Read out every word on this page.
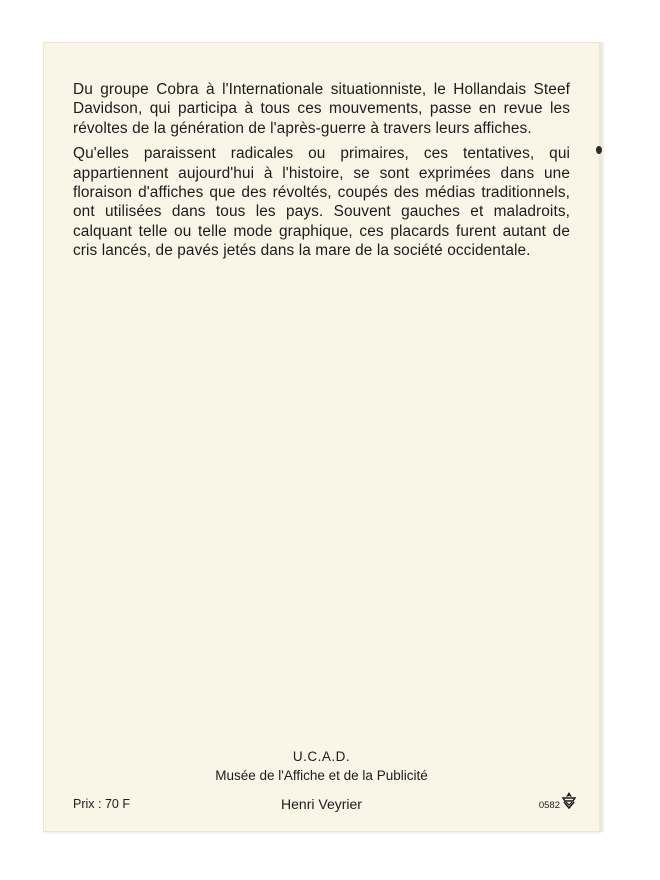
Du groupe Cobra à l'Internationale situationniste, le Hollandais Steef Davidson, qui participa à tous ces mouvements, passe en revue les révoltes de la génération de l'après-guerre à travers leurs affiches.

Qu'elles paraissent radicales ou primaires, ces tentatives, qui appartiennent aujourd'hui à l'histoire, se sont exprimées dans une floraison d'affiches que des révoltés, coupés des médias traditionnels, ont utilisées dans tous les pays. Souvent gauches et maladroits, calquant telle ou telle mode graphique, ces placards furent autant de cris lancés, de pavés jetés dans la mare de la société occidentale.

U.C.A.D.
Musée de l'Affiche et de la Publicité
Henri Veyrier
Prix : 70 F	0582
